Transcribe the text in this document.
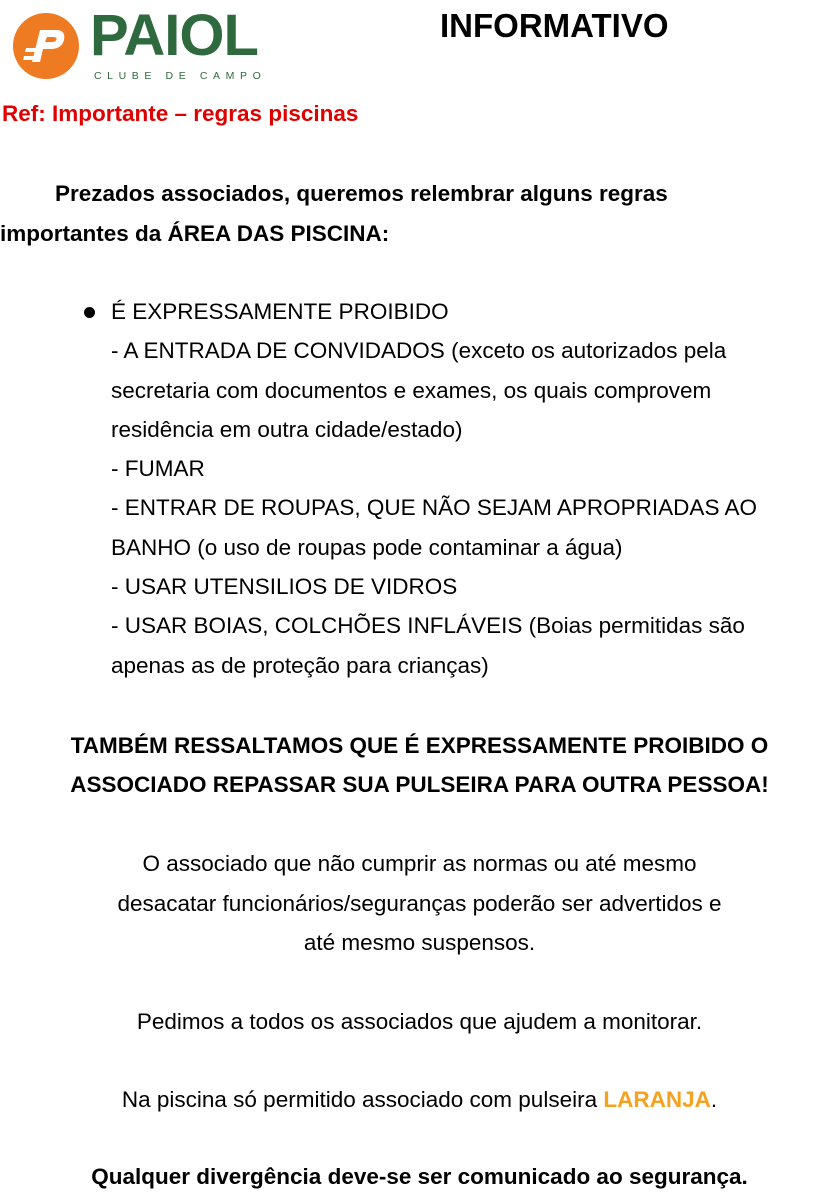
PAIOL
CLUBE DE CAMPO
INFORMATIVO
Ref: Importante – regras piscinas
Prezados associados, queremos relembrar alguns regras
importantes da ÁREA DAS PISCINA:
É EXPRESSAMENTE PROIBIDO
- A ENTRADA DE CONVIDADOS (exceto os autorizados pela
secretaria com documentos e exames, os quais comprovem
residência em outra cidade/estado)
- FUMAR
- ENTRAR DE ROUPAS, QUE NÃO SEJAM APROPRIADAS AO
BANHO (o uso de roupas pode contaminar a água)
- USAR UTENSILIOS DE VIDROS
- USAR BOIAS, COLCHÕES INFLÁVEIS (Boias permitidas são
apenas as de proteção para crianças)
TAMBÉM RESSALTAMOS QUE É EXPRESSAMENTE PROIBIDO O
ASSOCIADO REPASSAR SUA PULSEIRA PARA OUTRA PESSOA!
O associado que não cumprir as normas ou até mesmo
desacatar funcionários/seguranças poderão ser advertidos e
até mesmo suspensos.
Pedimos a todos os associados que ajudem a monitorar.
Na piscina só permitido associado com pulseira LARANJA.
Qualquer divergência deve-se ser comunicado ao segurança.
